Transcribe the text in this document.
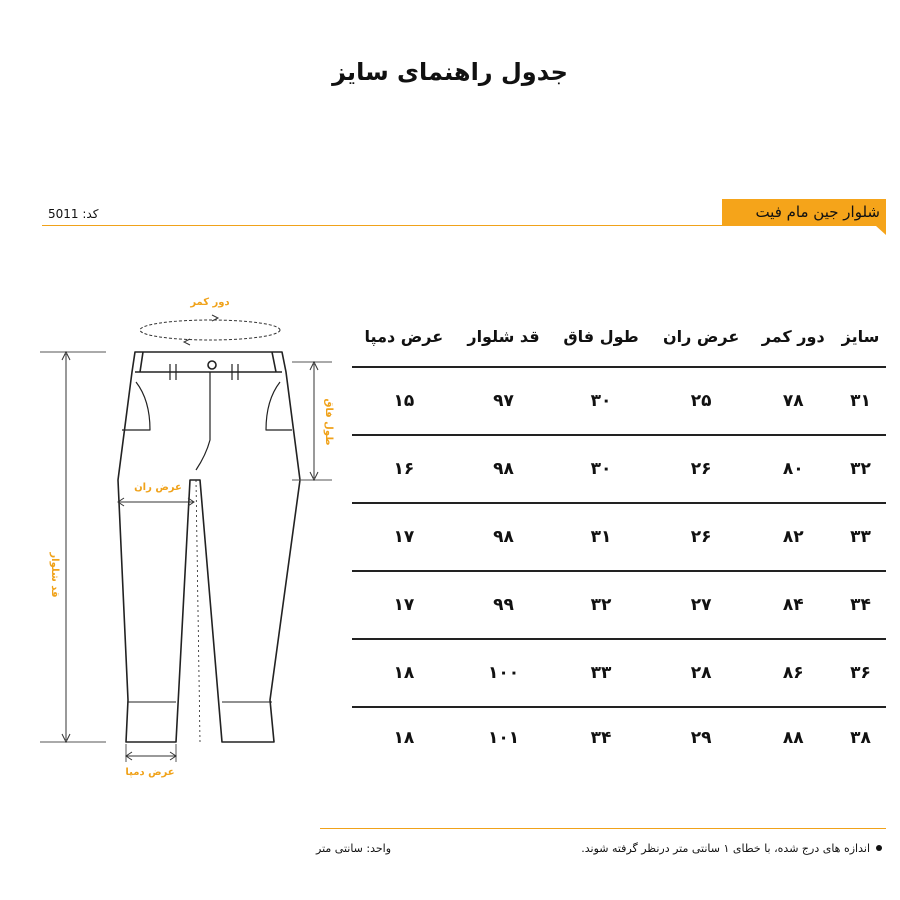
جدول راهنمای سایز
کد: 5011	شلوار جین مام فیت
دور کمر
قد شلوار
طول فاق
عرض ران
عرض دمپا
سایز	دور کمر	عرض ران	طول فاق	قد شلوار	عرض دمپا
۳۱	۷۸	۲۵	۳۰	۹۷	۱۵
۳۲	۸۰	۲۶	۳۰	۹۸	۱۶
۳۳	۸۲	۲۶	۳۱	۹۸	۱۷
۳۴	۸۴	۲۷	۳۲	۹۹	۱۷
۳۶	۸۶	۲۸	۳۳	۱۰۰	۱۸
۳۸	۸۸	۲۹	۳۴	۱۰۱	۱۸
اندازه های درج شده، با خطای ۱ سانتی متر درنظر گرفته شوند.
واحد: سانتی متر
